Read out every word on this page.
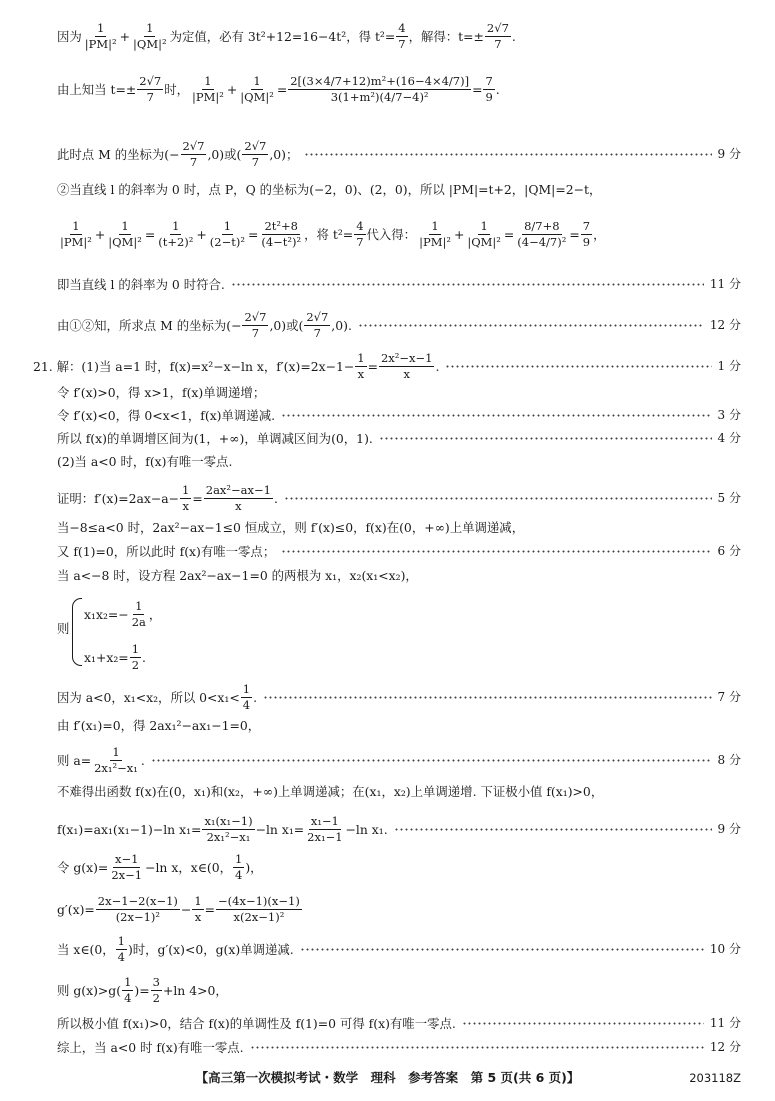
因为 $\frac{1}{\text{|PM|²}} + \frac{1}{\text{|QM|²}}$ 为定值，必有 3t²+12=16−4t²，得 $t^2= \frac{4}{7}$ ，解得：$t=\pm \frac{2√7}{7}$ .
由上知当 $t=\pm \frac{2√7}{7}$ 时， $\frac{1}{\text{|PM|²}} + \frac{1}{\text{|QM|²}} = \frac{\text{2[(3×4/7+12)m²+(16−4×4/7)]}}{\text{3(1+m²)(4/7−4)²}} = \frac{7}{9}$ .
此时点 M 的坐标为(− $\frac{2√7}{7} ,0$)或( $\frac{2√7}{7} ,0$)；	9 分
②当直线 l 的斜率为 0 时，点 P，Q 的坐标为(−2，0)、(2，0)，所以 |PM|=t+2，|QM|=2−t，
$\frac{1}{\text{|PM|²}} + \frac{1}{\text{|QM|²}} = \frac{1}{\text{(t+2)²}} + \frac{1}{\text{(2−t)²}} = \frac{\text{2t²+8}}{\text{(4−t²)²}}$ ，将 $t^2= \frac{4}{7}$ 代入得： $\frac{1}{\text{|PM|²}} + \frac{1}{\text{|QM|²}} = \frac{8/7+8}{\text{(4−4/7)²}} = \frac{7}{9}$ ，
即当直线 l 的斜率为 0 时符合.	11 分
由①②知，所求点 M 的坐标为(− $\frac{2√7}{7} ,0$)或( $\frac{2√7}{7} ,0$).	12 分
21. 解：(1)当 a=1 时，f(x)=x²−x−ln x，$f'(x)=2x-1- \frac{1}{x} = \frac{\text{2x²−x−1}}{x}$ .	1 分
令 f′(x)>0，得 x>1，f(x)单调递增；
令 f′(x)<0，得 0<x<1，f(x)单调递减.	3 分
所以 f(x)的单调增区间为(1，+∞)，单调减区间为(0，1).	4 分
(2)当 a<0 时，f(x)有唯一零点.
证明：$f'(x)=2ax-a- \frac{1}{x} = \frac{\text{2ax²−ax−1}}{x}$ .	5 分
当−8≤a<0 时，2ax²−ax−1≤0 恒成立，则 f′(x)≤0，f(x)在(0，+∞)上单调递减，
又 f(1)=0，所以此时 f(x)有唯一零点；	6 分
当 a<−8 时，设方程 2ax²−ax−1=0 的两根为 x₁，x₂(x₁<x₂)，
$x_1x_2=- \frac{1}{2a}$ ，
则
$x_1+x_2= \frac{1}{2}$ .
因为 a<0，x₁<x₂，所以 $0<x_1< \frac{1}{4}$ .	7 分
由 f′(x₁)=0，得 2ax₁²−ax₁−1=0，
则 $a= \frac{1}{\text{2x₁²−x₁}}$ .	8 分
不难得出函数 f(x)在(0，x₁)和(x₂，+∞)上单调递减；在(x₁，x₂)上单调递增. 下证极小值 f(x₁)>0，
f(x₁)=ax₁(x₁−1)−ln $x_1= \frac{\text{x₁(x₁−1)}}{\text{2x₁²−x₁}} -\ln$ $x_1= \frac{\text{x₁−1}}{\text{2x₁−1}} -\ln$ x₁.	9 分
令 $g(x)= \frac{x-1}{2x-1} -\ln$ x，x∈(0， $\frac{1}{4}$ )，
$g'(x)= \frac{2x-1-2(x-1)}{\text{(2x−1)²}} - \frac{1}{x} = \frac{-(4x-1)(x-1)}{\text{x(2x−1)²}}$
当 x∈(0， $\frac{1}{4}$ )时，g′(x)<0，g(x)单调递减.	10 分
则 $g(x)>g( \frac{1}{4}$ )= $\frac{3}{2} +\ln$ 4>0，
所以极小值 f(x₁)>0，结合 f(x)的单调性及 f(1)=0 可得 f(x)有唯一零点.	11 分
综上，当 a<0 时 f(x)有唯一零点.	12 分
【高三第一次模拟考试・数学　理科　参考答案　第 5 页(共 6 页)】	203118Z
